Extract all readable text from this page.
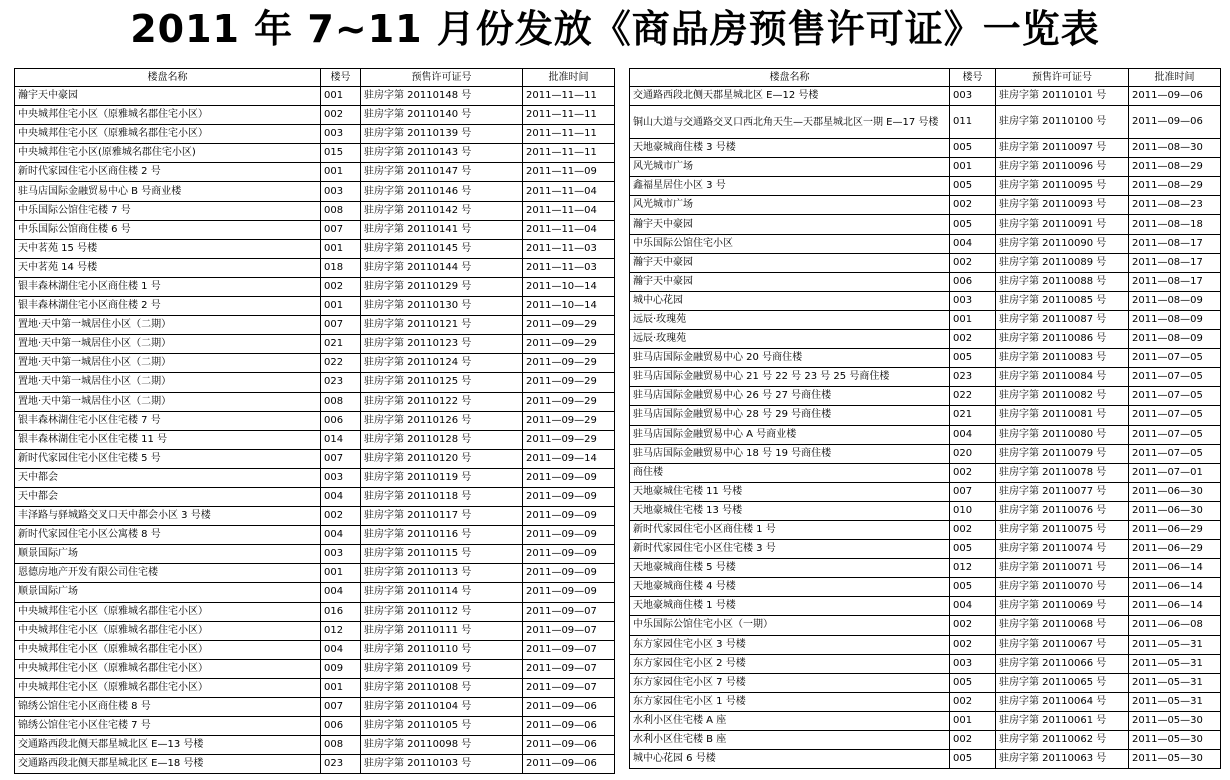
2011 年 7~11 月份发放《商品房预售许可证》一览表
楼盘名称	楼号	预售许可证号	批准时间
瀚宇天中豪园	001	驻房字第 20110148 号	2011—11—11
中央城邦住宅小区（原雅城名郡住宅小区）	002	驻房字第 20110140 号	2011—11—11
中央城邦住宅小区（原雅城名郡住宅小区）	003	驻房字第 20110139 号	2011—11—11
中央城邦住宅小区(原雅城名郡住宅小区)	015	驻房字第 20110143 号	2011—11—11
新时代家园住宅小区商住楼 2 号	001	驻房字第 20110147 号	2011—11—09
驻马店国际金融贸易中心 B 号商业楼	003	驻房字第 20110146 号	2011—11—04
中乐国际公馆住宅楼 7 号	008	驻房字第 20110142 号	2011—11—04
中乐国际公馆商住楼 6 号	007	驻房字第 20110141 号	2011—11—04
天中茗苑 15 号楼	001	驻房字第 20110145 号	2011—11—03
天中茗苑 14 号楼	018	驻房字第 20110144 号	2011—11—03
银丰森林湖住宅小区商住楼 1 号	002	驻房字第 20110129 号	2011—10—14
银丰森林湖住宅小区商住楼 2 号	001	驻房字第 20110130 号	2011—10—14
置地·天中第一城居住小区（二期）	007	驻房字第 20110121 号	2011—09—29
置地·天中第一城居住小区（二期）	021	驻房字第 20110123 号	2011—09—29
置地·天中第一城居住小区（二期）	022	驻房字第 20110124 号	2011—09—29
置地·天中第一城居住小区（二期）	023	驻房字第 20110125 号	2011—09—29
置地·天中第一城居住小区（二期）	008	驻房字第 20110122 号	2011—09—29
银丰森林湖住宅小区住宅楼 7 号	006	驻房字第 20110126 号	2011—09—29
银丰森林湖住宅小区住宅楼 11 号	014	驻房字第 20110128 号	2011—09—29
新时代家园住宅小区住宅楼 5 号	007	驻房字第 20110120 号	2011—09—14
天中都会	003	驻房字第 20110119 号	2011—09—09
天中都会	004	驻房字第 20110118 号	2011—09—09
丰泽路与驿城路交叉口天中都会小区 3 号楼	002	驻房字第 20110117 号	2011—09—09
新时代家园住宅小区公寓楼 8 号	004	驻房字第 20110116 号	2011—09—09
顺景国际广场	003	驻房字第 20110115 号	2011—09—09
恩德房地产开发有限公司住宅楼	001	驻房字第 20110113 号	2011—09—09
顺景国际广场	004	驻房字第 20110114 号	2011—09—09
中央城邦住宅小区（原雅城名郡住宅小区）	016	驻房字第 20110112 号	2011—09—07
中央城邦住宅小区（原雅城名郡住宅小区）	012	驻房字第 20110111 号	2011—09—07
中央城邦住宅小区（原雅城名郡住宅小区）	004	驻房字第 20110110 号	2011—09—07
中央城邦住宅小区（原雅城名郡住宅小区）	009	驻房字第 20110109 号	2011—09—07
中央城邦住宅小区（原雅城名郡住宅小区）	001	驻房字第 20110108 号	2011—09—07
锦绣公馆住宅小区商住楼 8 号	007	驻房字第 20110104 号	2011—09—06
锦绣公馆住宅小区住宅楼 7 号	006	驻房字第 20110105 号	2011—09—06
交通路西段北侧天郡星城北区 E—13 号楼	008	驻房字第 20110098 号	2011—09—06
交通路西段北侧天郡星城北区 E—18 号楼	023	驻房字第 20110103 号	2011—09—06
楼盘名称	楼号	预售许可证号	批准时间
交通路西段北侧天郡星城北区 E—12 号楼	003	驻房字第 20110101 号	2011—09—06
铜山大道与交通路交叉口西北角天生—天郡星城北区一期 E—17 号楼	011	驻房字第 20110100 号	2011—09—06
天地豪城商住楼 3 号楼	005	驻房字第 20110097 号	2011—08—30
风光城市广场	001	驻房字第 20110096 号	2011—08—29
鑫福星居住小区 3 号	005	驻房字第 20110095 号	2011—08—29
风光城市广场	002	驻房字第 20110093 号	2011—08—23
瀚宇天中豪园	005	驻房字第 20110091 号	2011—08—18
中乐国际公馆住宅小区	004	驻房字第 20110090 号	2011—08—17
瀚宇天中豪园	002	驻房字第 20110089 号	2011—08—17
瀚宇天中豪园	006	驻房字第 20110088 号	2011—08—17
城中心花园	003	驻房字第 20110085 号	2011—08—09
远辰·玫瑰苑	001	驻房字第 20110087 号	2011—08—09
远辰·玫瑰苑	002	驻房字第 20110086 号	2011—08—09
驻马店国际金融贸易中心 20 号商住楼	005	驻房字第 20110083 号	2011—07—05
驻马店国际金融贸易中心 21 号 22 号 23 号 25 号商住楼	023	驻房字第 20110084 号	2011—07—05
驻马店国际金融贸易中心 26 号 27 号商住楼	022	驻房字第 20110082 号	2011—07—05
驻马店国际金融贸易中心 28 号 29 号商住楼	021	驻房字第 20110081 号	2011—07—05
驻马店国际金融贸易中心 A 号商业楼	004	驻房字第 20110080 号	2011—07—05
驻马店国际金融贸易中心 18 号 19 号商住楼	020	驻房字第 20110079 号	2011—07—05
商住楼	002	驻房字第 20110078 号	2011—07—01
天地豪城住宅楼 11 号楼	007	驻房字第 20110077 号	2011—06—30
天地豪城住宅楼 13 号楼	010	驻房字第 20110076 号	2011—06—30
新时代家园住宅小区商住楼 1 号	002	驻房字第 20110075 号	2011—06—29
新时代家园住宅小区住宅楼 3 号	005	驻房字第 20110074 号	2011—06—29
天地豪城商住楼 5 号楼	012	驻房字第 20110071 号	2011—06—14
天地豪城商住楼 4 号楼	005	驻房字第 20110070 号	2011—06—14
天地豪城商住楼 1 号楼	004	驻房字第 20110069 号	2011—06—14
中乐国际公馆住宅小区（一期）	002	驻房字第 20110068 号	2011—06—08
东方家园住宅小区 3 号楼	002	驻房字第 20110067 号	2011—05—31
东方家园住宅小区 2 号楼	003	驻房字第 20110066 号	2011—05—31
东方家园住宅小区 7 号楼	005	驻房字第 20110065 号	2011—05—31
东方家园住宅小区 1 号楼	002	驻房字第 20110064 号	2011—05—31
水利小区住宅楼 A 座	001	驻房字第 20110061 号	2011—05—30
水利小区住宅楼 B 座	002	驻房字第 20110062 号	2011—05—30
城中心花园 6 号楼	005	驻房字第 20110063 号	2011—05—30
